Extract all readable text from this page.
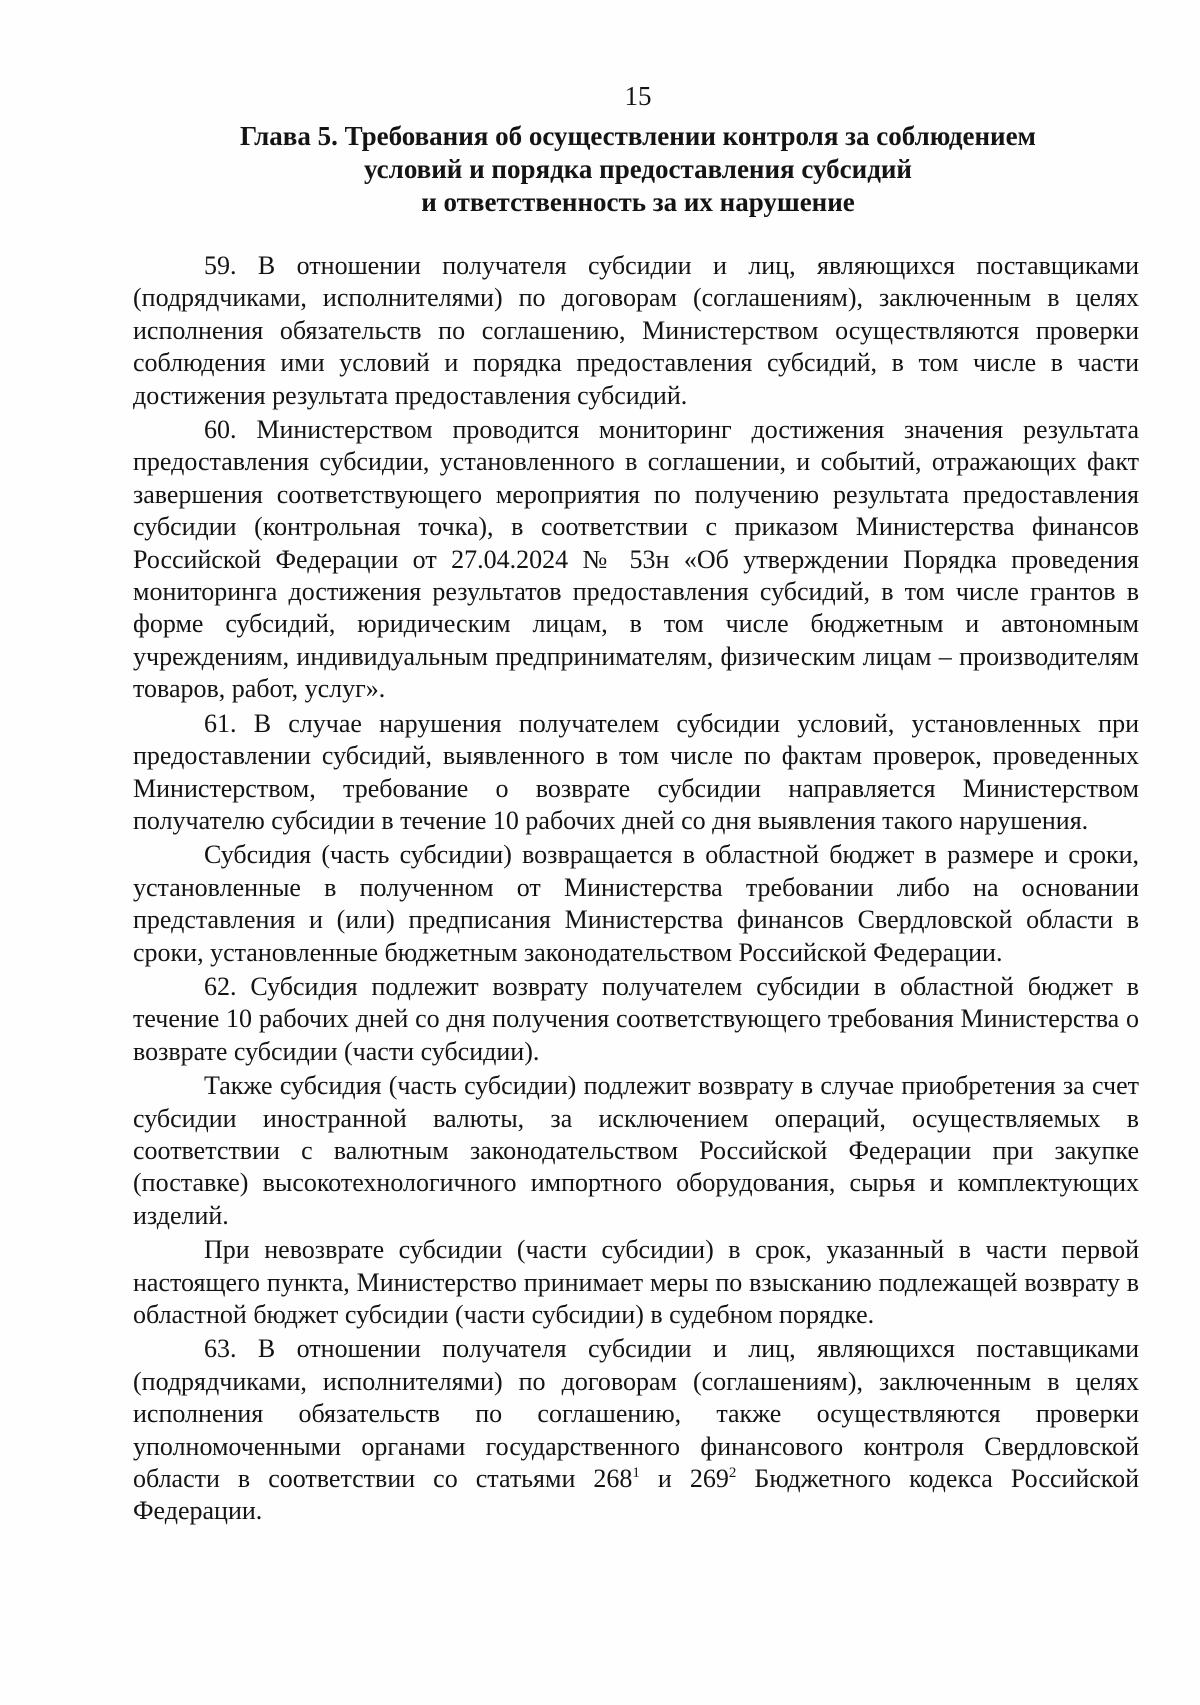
15
Глава 5. Требования об осуществлении контроля за соблюдением
условий и порядка предоставления субсидий
и ответственность за их нарушение

59. В отношении получателя субсидии и лиц, являющихся поставщиками (подрядчиками, исполнителями) по договорам (соглашениям), заключенным в целях исполнения обязательств по соглашению, Министерством осуществляются проверки соблюдения ими условий и порядка предоставления субсидий, в том числе в части достижения результата предоставления субсидий.

60. Министерством проводится мониторинг достижения значения результата предоставления субсидии, установленного в соглашении, и событий, отражающих факт завершения соответствующего мероприятия по получению результата предоставления субсидии (контрольная точка), в соответствии с приказом Министерства финансов Российской Федерации от 27.04.2024 № 53н «Об утверждении Порядка проведения мониторинга достижения результатов предоставления субсидий, в том числе грантов в форме субсидий, юридическим лицам, в том числе бюджетным и автономным учреждениям, индивидуальным предпринимателям, физическим лицам – производителям товаров, работ, услуг».

61. В случае нарушения получателем субсидии условий, установленных при предоставлении субсидий, выявленного в том числе по фактам проверок, проведенных Министерством, требование о возврате субсидии направляется Министерством получателю субсидии в течение 10 рабочих дней со дня выявления такого нарушения.

Субсидия (часть субсидии) возвращается в областной бюджет в размере и сроки, установленные в полученном от Министерства требовании либо на основании представления и (или) предписания Министерства финансов Свердловской области в сроки, установленные бюджетным законодательством Российской Федерации.

62. Субсидия подлежит возврату получателем субсидии в областной бюджет в течение 10 рабочих дней со дня получения соответствующего требования Министерства о возврате субсидии (части субсидии).

Также субсидия (часть субсидии) подлежит возврату в случае приобретения за счет субсидии иностранной валюты, за исключением операций, осуществляемых в соответствии с валютным законодательством Российской Федерации при закупке (поставке) высокотехнологичного импортного оборудования, сырья и комплектующих изделий.

При невозврате субсидии (части субсидии) в срок, указанный в части первой настоящего пункта, Министерство принимает меры по взысканию подлежащей возврату в областной бюджет субсидии (части субсидии) в судебном порядке.

63. В отношении получателя субсидии и лиц, являющихся поставщиками (подрядчиками, исполнителями) по договорам (соглашениям), заключенным в целях исполнения обязательств по соглашению, также осуществляются проверки уполномоченными органами государственного финансового контроля Свердловской области в соответствии со статьями $268^1$ и $269^2$ Бюджетного кодекса Российской Федерации.
